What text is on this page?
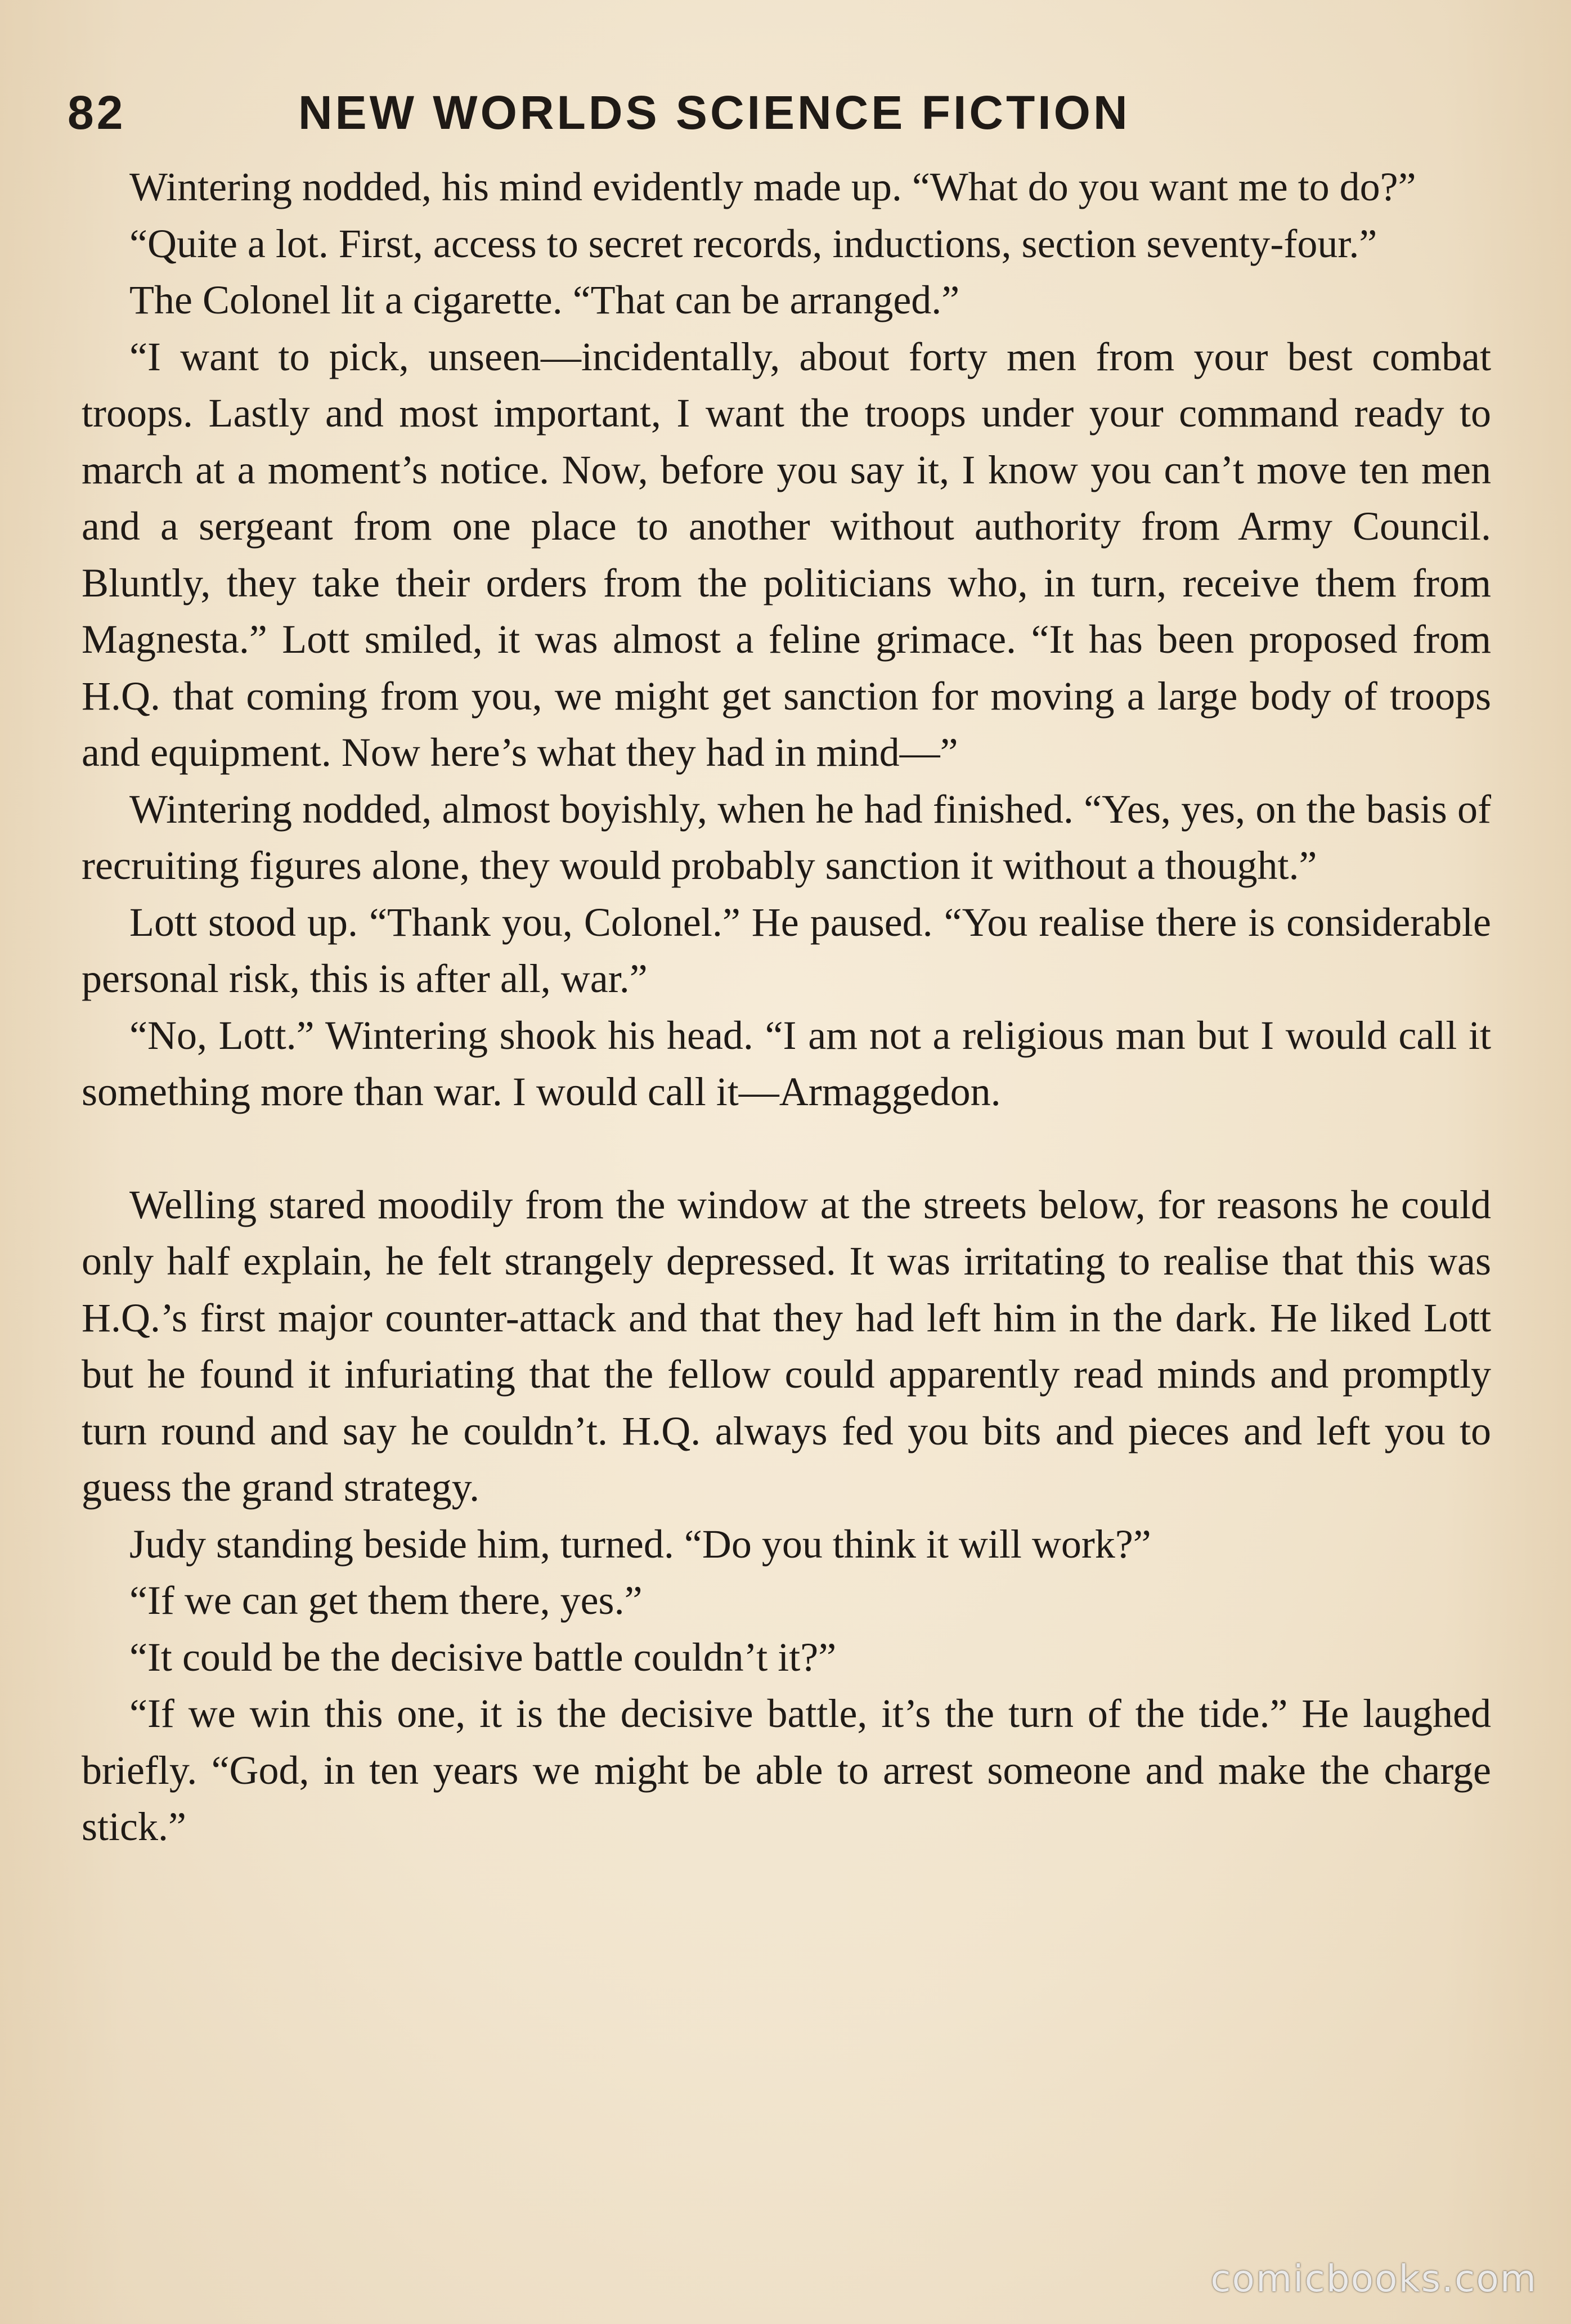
82	NEW WORLDS SCIENCE FICTION

Wintering nodded, his mind evidently made up. “What do you want me to do?”

“Quite a lot. First, access to secret records, inductions, section seventy-four.”

The Colonel lit a cigarette. “That can be arranged.”

“I want to pick, unseen—incidentally, about forty men from your best combat troops. Lastly and most important, I want the troops under your command ready to march at a moment’s notice. Now, before you say it, I know you can’t move ten men and a sergeant from one place to another without authority from Army Council. Bluntly, they take their orders from the politicians who, in turn, receive them from Magnesta.” Lott smiled, it was almost a feline grimace. “It has been proposed from H.Q. that coming from you, we might get sanction for moving a large body of troops and equipment. Now here’s what they had in mind—”

Wintering nodded, almost boyishly, when he had finished. “Yes, yes, on the basis of recruiting figures alone, they would probably sanction it without a thought.”

Lott stood up. “Thank you, Colonel.” He paused. “You realise there is considerable personal risk, this is after all, war.”

“No, Lott.” Wintering shook his head. “I am not a religious man but I would call it something more than war. I would call it—Armaggedon.

Welling stared moodily from the window at the streets below, for reasons he could only half explain, he felt strangely depressed. It was irritating to realise that this was H.Q.’s first major counter-attack and that they had left him in the dark. He liked Lott but he found it infuriating that the fellow could apparently read minds and promptly turn round and say he couldn’t. H.Q. always fed you bits and pieces and left you to guess the grand strategy.

Judy standing beside him, turned. “Do you think it will work?”

“If we can get them there, yes.”

“It could be the decisive battle couldn’t it?”

“If we win this one, it is the decisive battle, it’s the turn of the tide.” He laughed briefly. “God, in ten years we might be able to arrest someone and make the charge stick.”

comicbooks.com
